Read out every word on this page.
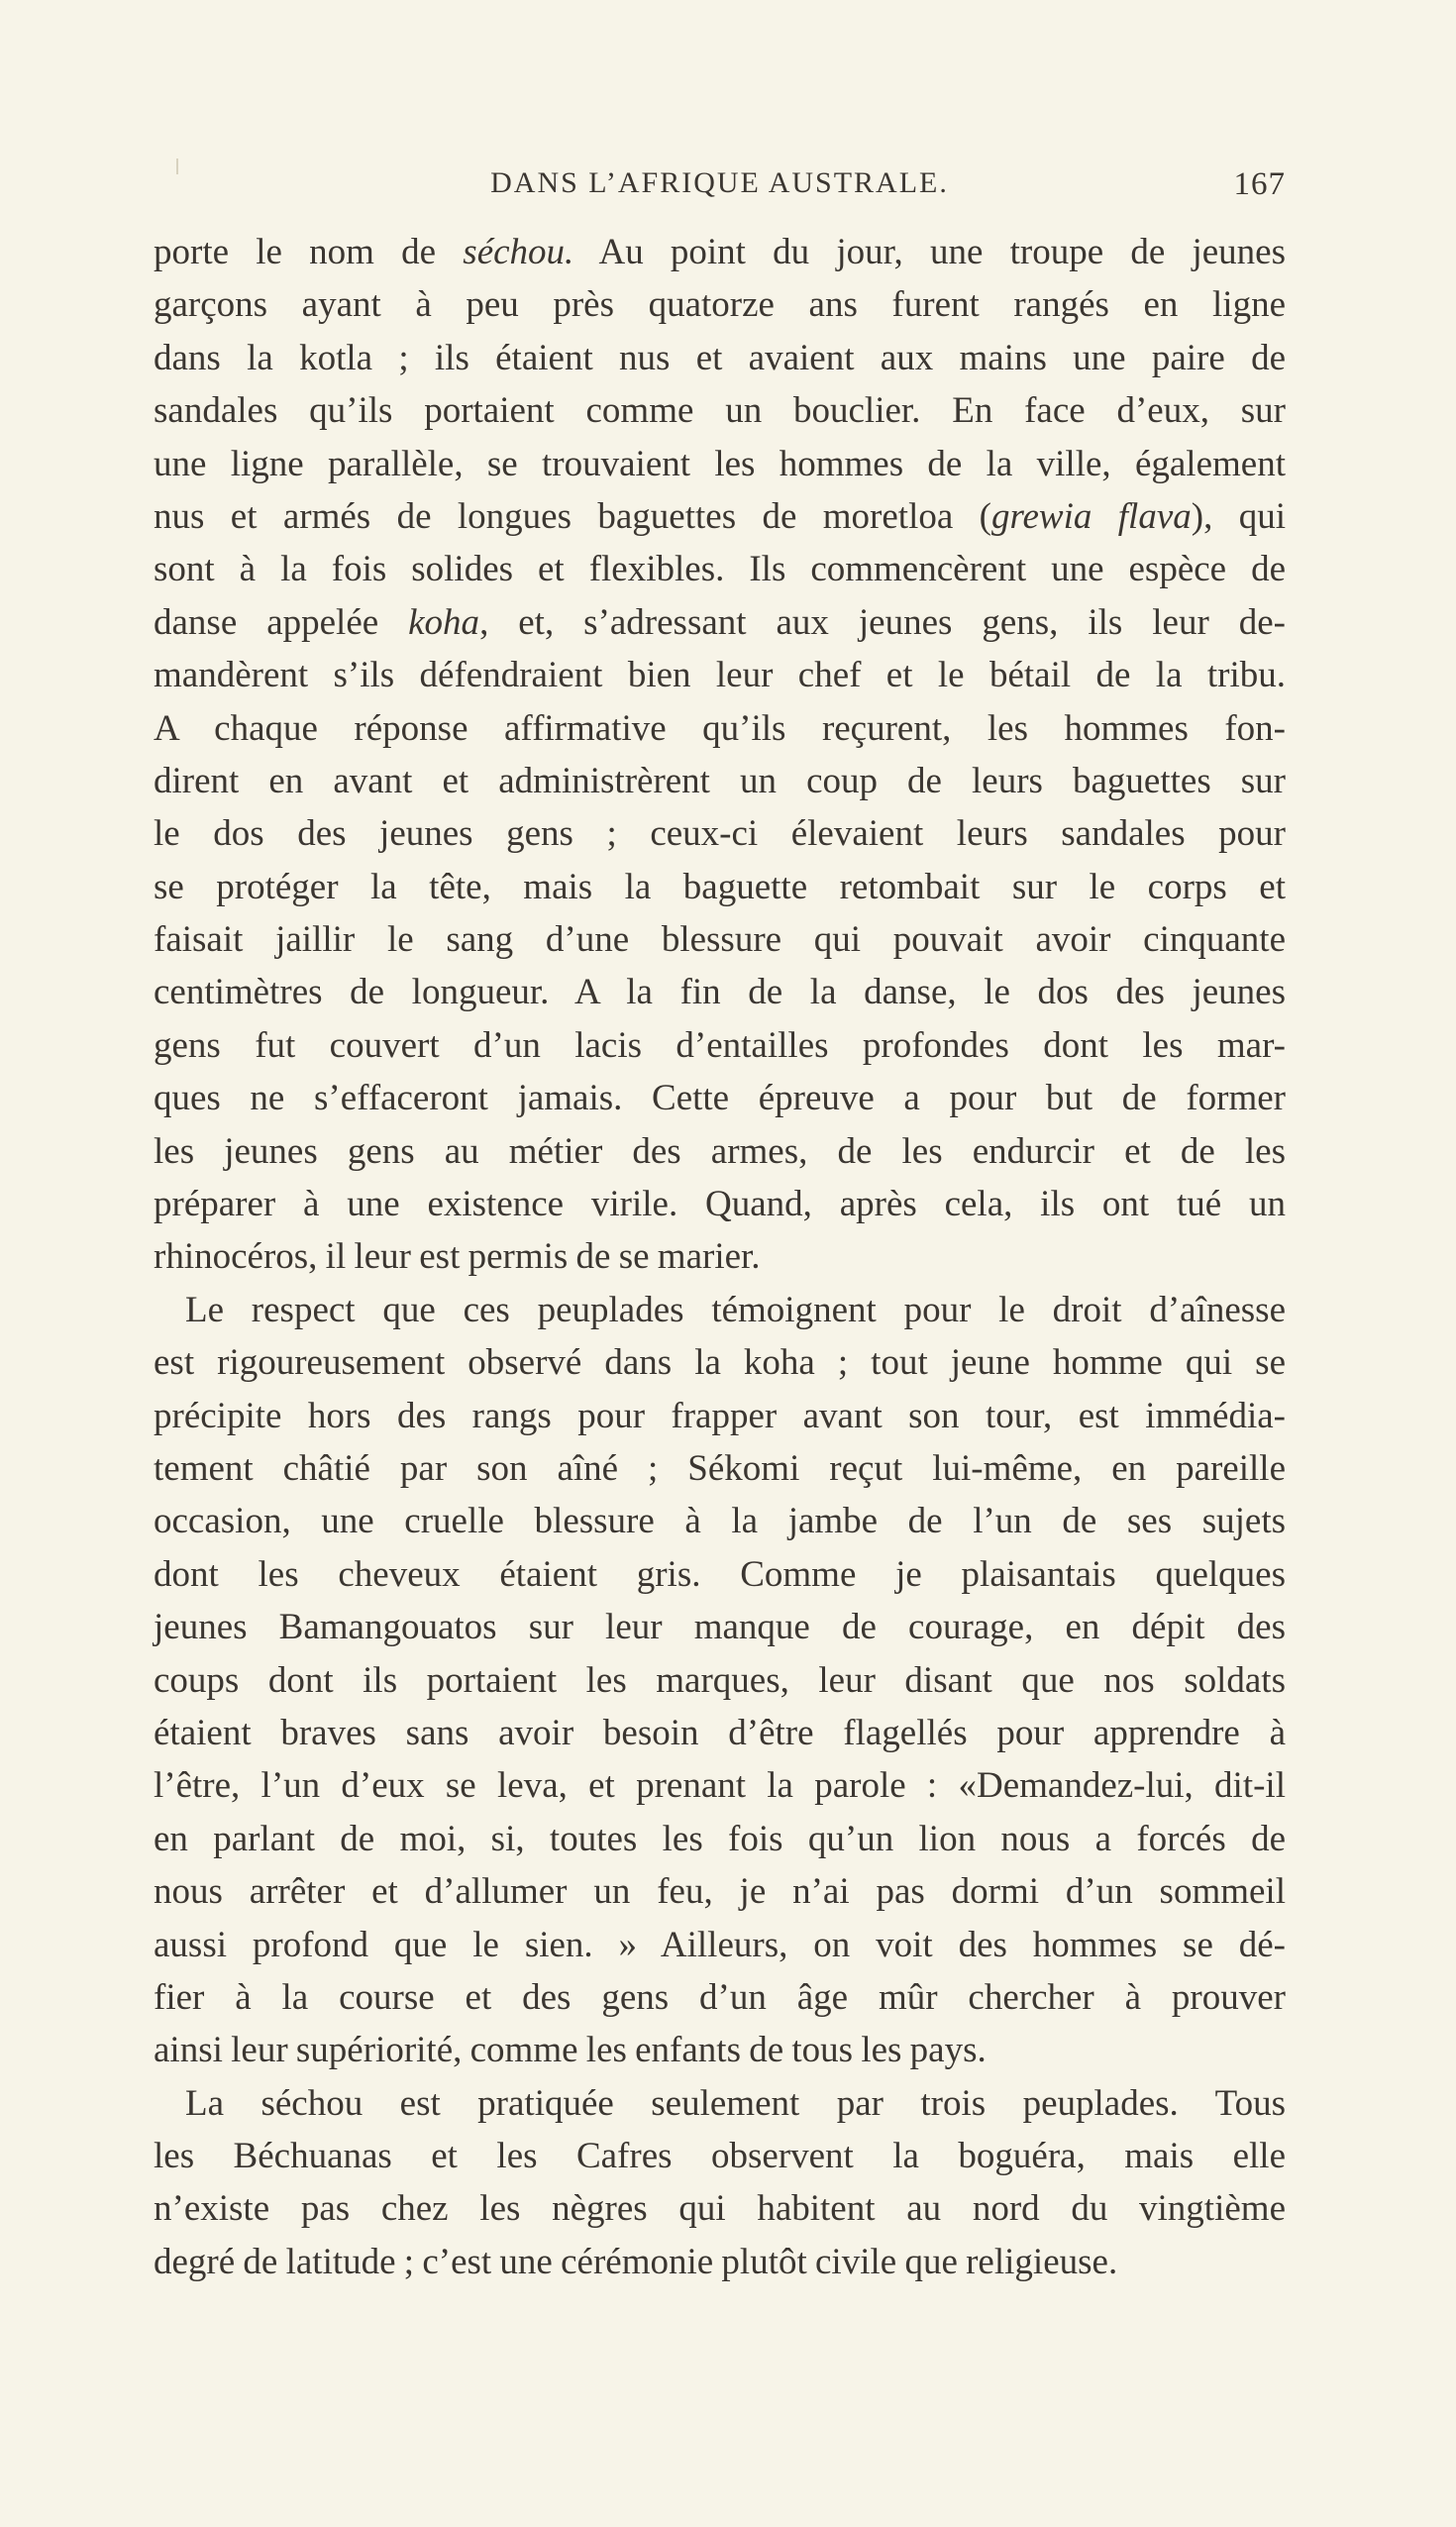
DANS L’AFRIQUE AUSTRALE.	167
porte le nom de séchou. Au point du jour, une troupe de jeunes
garçons ayant à peu près quatorze ans furent rangés en ligne
dans la kotla ; ils étaient nus et avaient aux mains une paire de
sandales qu’ils portaient comme un bouclier. En face d’eux, sur
une ligne parallèle, se trouvaient les hommes de la ville, également
nus et armés de longues baguettes de moretloa (grewia flava), qui
sont à la fois solides et flexibles. Ils commencèrent une espèce de
danse appelée koha, et, s’adressant aux jeunes gens, ils leur de-
mandèrent s’ils défendraient bien leur chef et le bétail de la tribu.
A chaque réponse affirmative qu’ils reçurent, les hommes fon-
dirent en avant et administrèrent un coup de leurs baguettes sur
le dos des jeunes gens ; ceux-ci élevaient leurs sandales pour
se protéger la tête, mais la baguette retombait sur le corps et
faisait jaillir le sang d’une blessure qui pouvait avoir cinquante
centimètres de longueur. A la fin de la danse, le dos des jeunes
gens fut couvert d’un lacis d’entailles profondes dont les mar-
ques ne s’effaceront jamais. Cette épreuve a pour but de former
les jeunes gens au métier des armes, de les endurcir et de les
préparer à une existence virile. Quand, après cela, ils ont tué un
rhinocéros, il leur est permis de se marier.
Le respect que ces peuplades témoignent pour le droit d’aînesse
est rigoureusement observé dans la koha ; tout jeune homme qui se
précipite hors des rangs pour frapper avant son tour, est immédia-
tement châtié par son aîné ; Sékomi reçut lui-même, en pareille
occasion, une cruelle blessure à la jambe de l’un de ses sujets
dont les cheveux étaient gris. Comme je plaisantais quelques
jeunes Bamangouatos sur leur manque de courage, en dépit des
coups dont ils portaient les marques, leur disant que nos soldats
étaient braves sans avoir besoin d’être flagellés pour apprendre à
l’être, l’un d’eux se leva, et prenant la parole : «Demandez-lui, dit-il
en parlant de moi, si, toutes les fois qu’un lion nous a forcés de
nous arrêter et d’allumer un feu, je n’ai pas dormi d’un sommeil
aussi profond que le sien. » Ailleurs, on voit des hommes se dé-
fier à la course et des gens d’un âge mûr chercher à prouver
ainsi leur supériorité, comme les enfants de tous les pays.
La séchou est pratiquée seulement par trois peuplades. Tous
les Béchuanas et les Cafres observent la boguéra, mais elle
n’existe pas chez les nègres qui habitent au nord du vingtième
degré de latitude ; c’est une cérémonie plutôt civile que religieuse.
